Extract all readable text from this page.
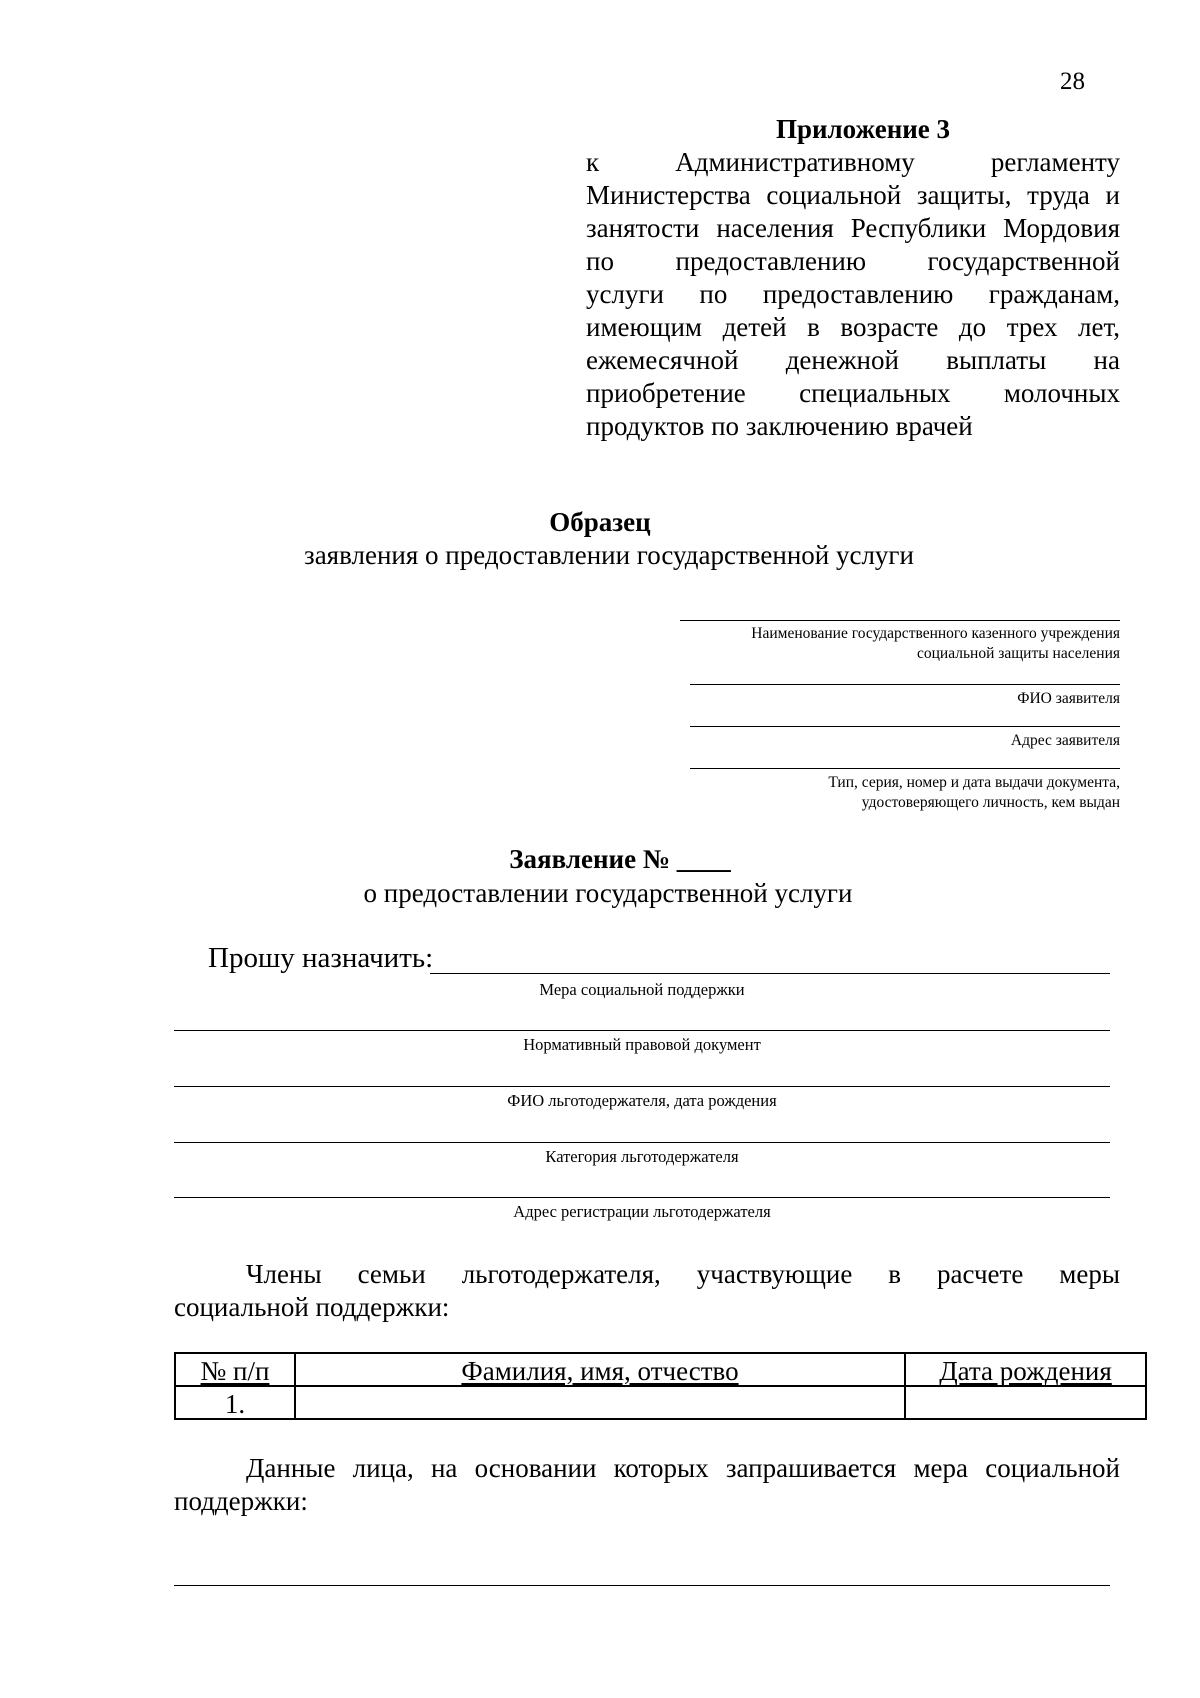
28
Приложение 3
к Административному регламенту
Министерства социальной защиты, труда и
занятости населения Республики Мордовия
по предоставлению государственной
услуги по предоставлению гражданам,
имеющим детей в возрасте до трех лет,
ежемесячной денежной выплаты на
приобретение специальных молочных
продуктов по заключению врачей
Образец
заявления о предоставлении государственной услуги
Наименование государственного казенного учреждения
социальной защиты населения
ФИО заявителя
Адрес заявителя
Тип, серия, номер и дата выдачи документа,
удостоверяющего личность, кем выдан
Заявление № ____
о предоставлении государственной услуги
Прошу назначить:
Мера социальной поддержки
Нормативный правовой документ
ФИО льготодержателя, дата рождения
Категория льготодержателя
Адрес регистрации льготодержателя
Члены семьи льготодержателя, участвующие в расчете меры
социальной поддержки:
№ п/п	Фамилия, имя, отчество	Дата рождения
1.		
Данные лица, на основании которых запрашивается мера социальной
поддержки:
